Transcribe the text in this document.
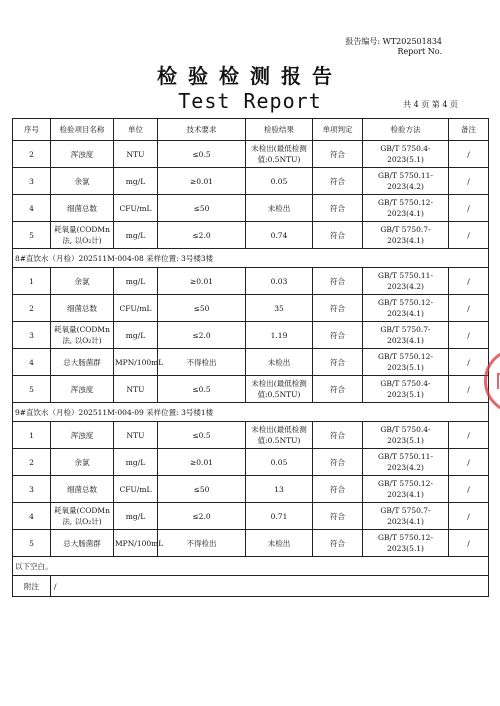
报告编号: WT202501834
Report No.
检验检测报告
Test Report	共 4 页 第 4 页
序号	检验项目名称	单位	技术要求	检验结果	单项判定	检验方法	备注
2	浑浊度	NTU	≤0.5	未检出(最低检测值:0.5NTU)	符合	GB/T 5750.4-2023(5.1)	/
3	余氯	mg/L	≥0.01	0.05	符合	GB/T 5750.11-2023(4.2)	/
4	细菌总数	CFU/mL	≤50	未检出	符合	GB/T 5750.12-2023(4.1)	/
5	耗氧量(CODMn法, 以O₂计)	mg/L	≤2.0	0.74	符合	GB/T 5750.7-2023(4.1)	/
8#直饮水（月检）202511M-004-08 采样位置: 3号楼3楼							
1	余氯	mg/L	≥0.01	0.03	符合	GB/T 5750.11-2023(4.2)	/
2	细菌总数	CFU/mL	≤50	35	符合	GB/T 5750.12-2023(4.1)	/
3	耗氧量(CODMn法, 以O₂计)	mg/L	≤2.0	1.19	符合	GB/T 5750.7-2023(4.1)	/
4	总大肠菌群	MPN/100mL	不得检出	未检出	符合	GB/T 5750.12-2023(5.1)	/
5	浑浊度	NTU	≤0.5	未检出(最低检测值:0.5NTU)	符合	GB/T 5750.4-2023(5.1)	/
9#直饮水（月检）202511M-004-09 采样位置: 3号楼1楼							
1	浑浊度	NTU	≤0.5	未检出(最低检测值:0.5NTU)	符合	GB/T 5750.4-2023(5.1)	/
2	余氯	mg/L	≥0.01	0.05	符合	GB/T 5750.11-2023(4.2)	/
3	细菌总数	CFU/mL	≤50	13	符合	GB/T 5750.12-2023(4.1)	/
4	耗氧量(CODMn法, 以O₂计)	mg/L	≤2.0	0.71	符合	GB/T 5750.7-2023(4.1)	/
5	总大肠菌群	MPN/100mL	不得检出	未检出	符合	GB/T 5750.12-2023(5.1)	/
以下空白。							
附注	/						
